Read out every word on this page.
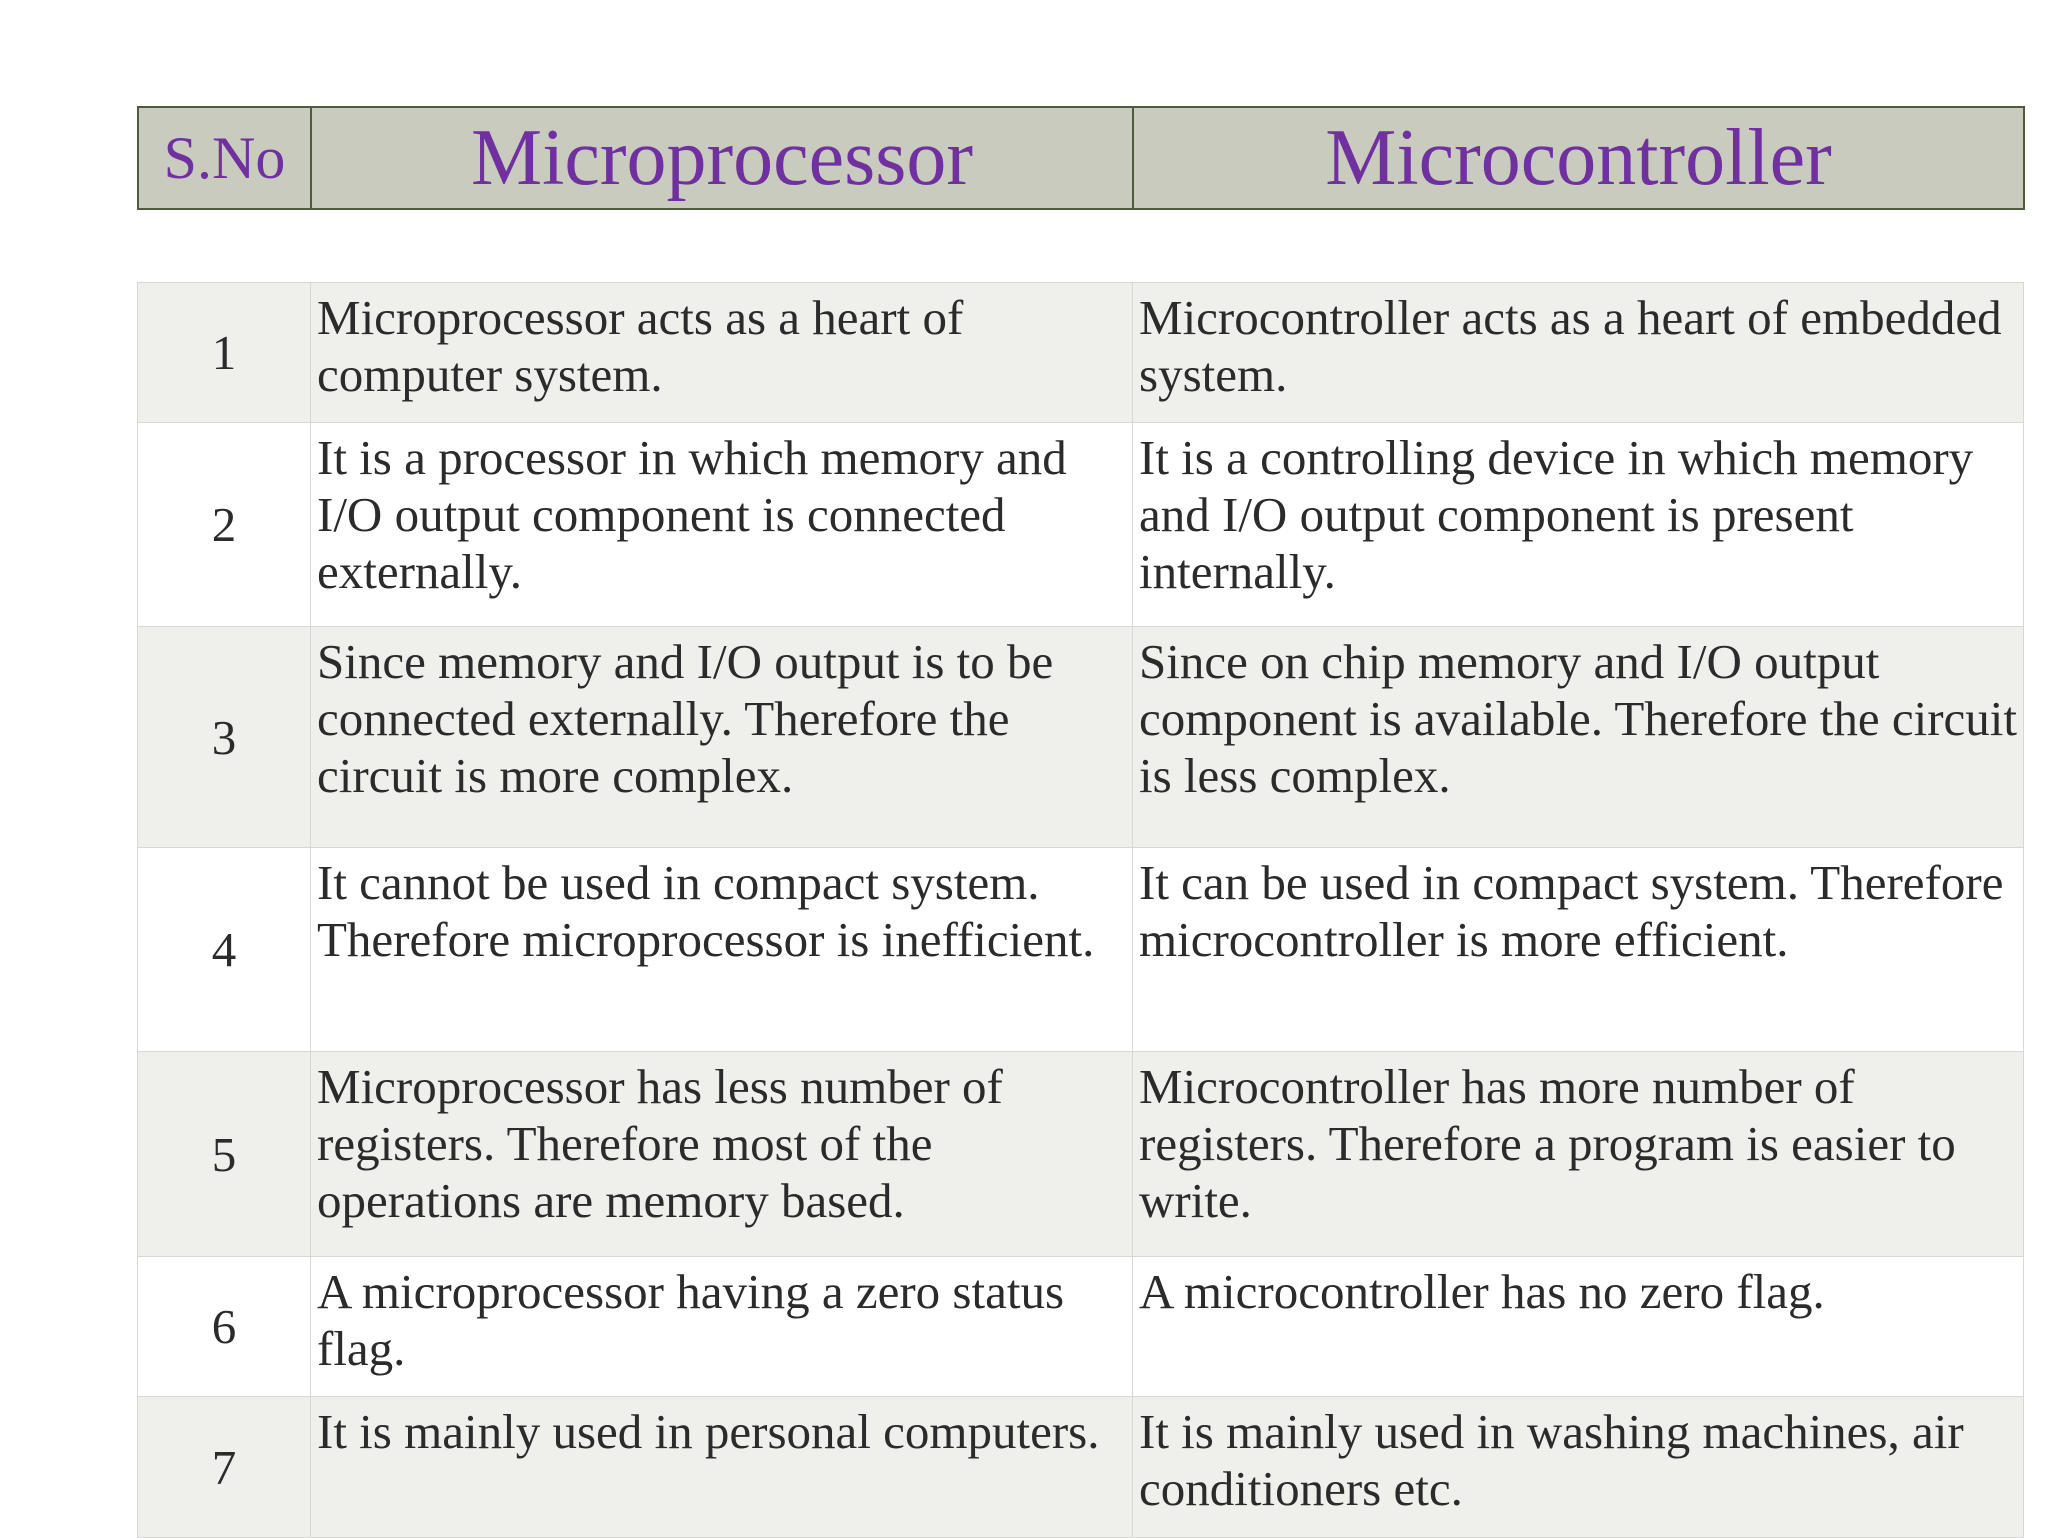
S.No	Microprocessor	Microcontroller
1	Microprocessor acts as a heart of computer system.	Microcontroller acts as a heart of embedded system.
2	It is a processor in which memory and I/O output component is connected externally.	It is a controlling device in which memory and I/O output component is present internally.
3	Since memory and I/O output is to be connected externally. Therefore the circuit is more complex.	Since on chip memory and I/O output component is available. Therefore the circuit is less complex.
4	It cannot be used in compact system. Therefore microprocessor is inefficient.	It can be used in compact system. Therefore microcontroller is more efficient.
5	Microprocessor has less number of registers. Therefore most of the operations are memory based.	Microcontroller has more number of registers. Therefore a program is easier to write.
6	A microprocessor having a zero status flag.	A microcontroller has no zero flag.
7	It is mainly used in personal computers.	It is mainly used in washing machines, air conditioners etc.
